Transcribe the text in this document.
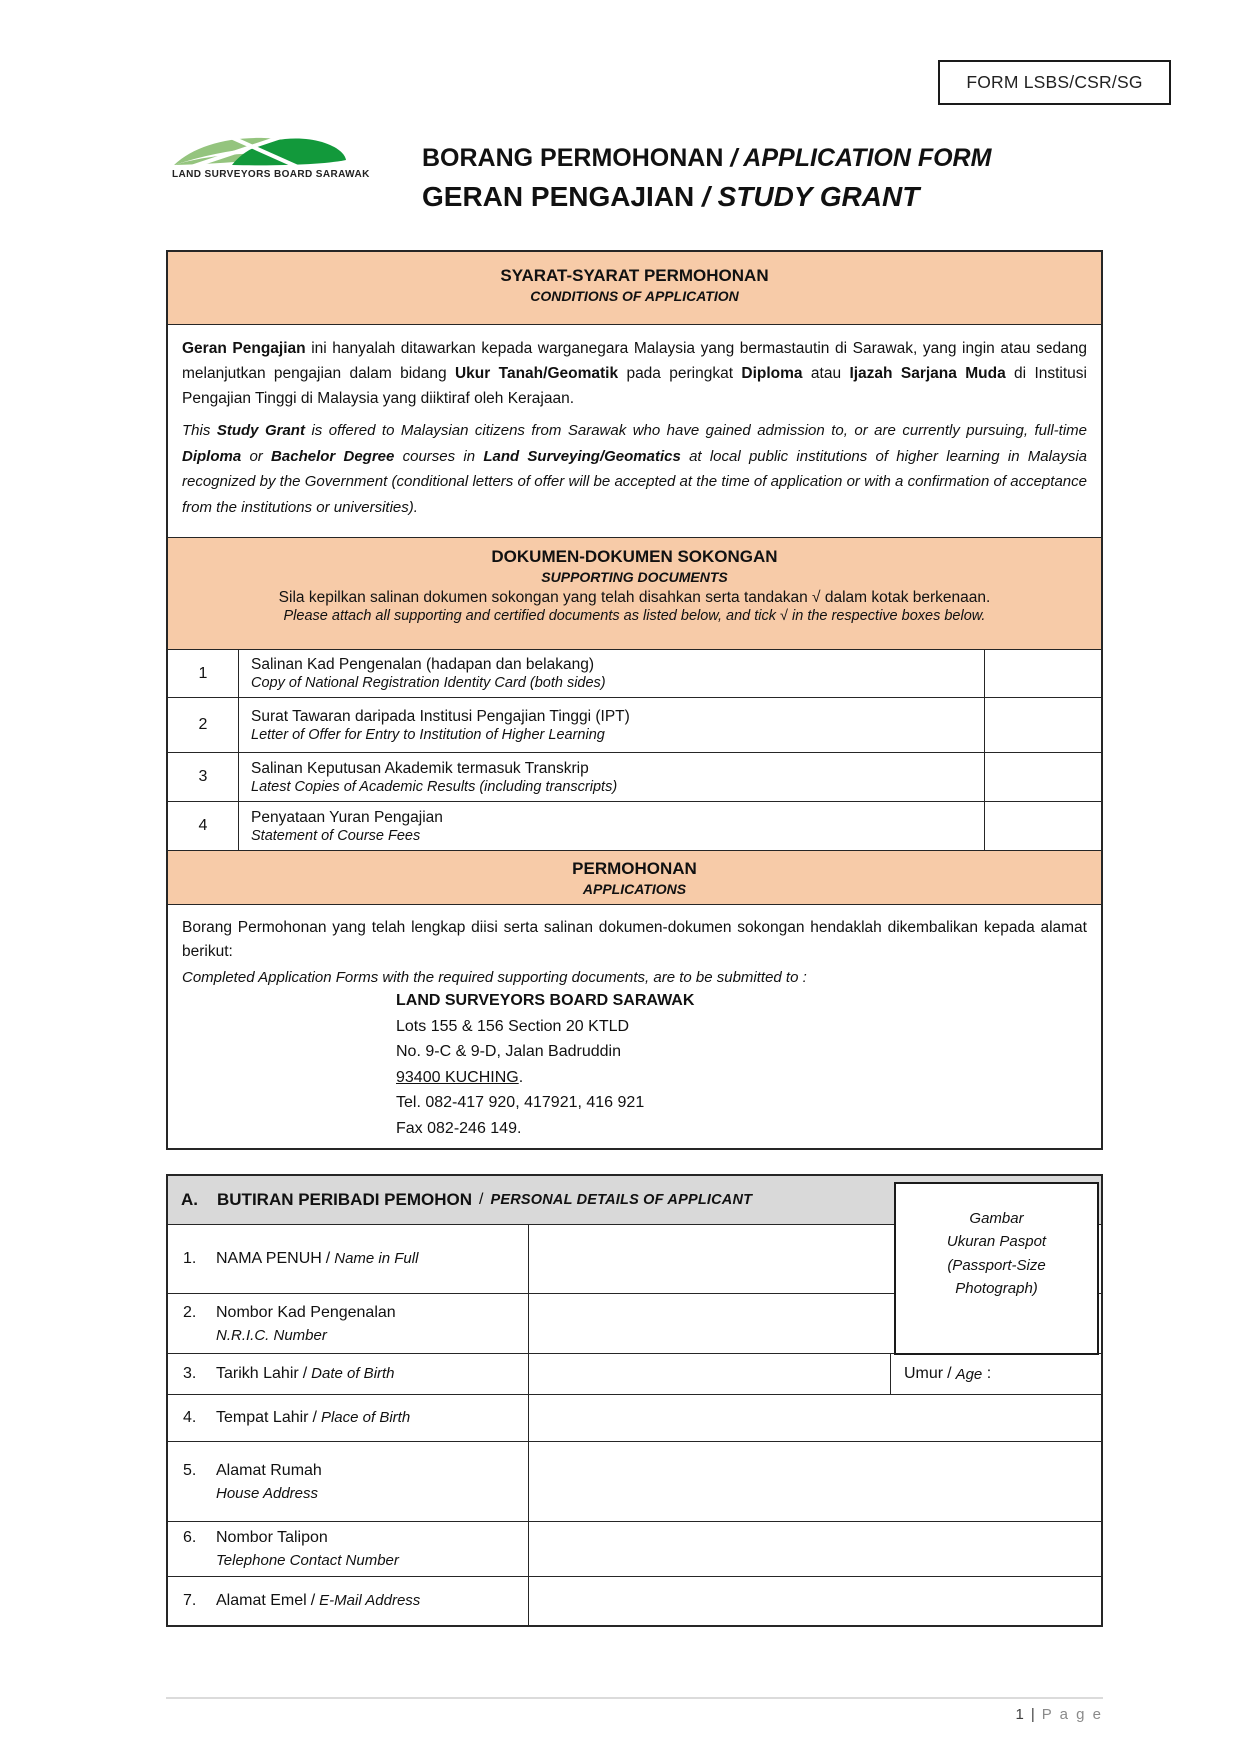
FORM LSBS/CSR/SG
LAND SURVEYORS BOARD SARAWAK
BORANG PERMOHONAN / APPLICATION FORM
GERAN PENGAJIAN / STUDY GRANT
SYARAT-SYARAT PERMOHONAN
CONDITIONS OF APPLICATION

Geran Pengajian ini hanyalah ditawarkan kepada warganegara Malaysia yang bermastautin di Sarawak, yang ingin atau sedang melanjutkan pengajian dalam bidang Ukur Tanah/Geomatik pada peringkat Diploma atau Ijazah Sarjana Muda di Institusi Pengajian Tinggi di Malaysia yang diiktiraf oleh Kerajaan.

This Study Grant is offered to Malaysian citizens from Sarawak who have gained admission to, or are currently pursuing, full-time Diploma or Bachelor Degree courses in Land Surveying/Geomatics at local public institutions of higher learning in Malaysia recognized by the Government (conditional letters of offer will be accepted at the time of application or with a confirmation of acceptance from the institutions or universities).

DOKUMEN-DOKUMEN SOKONGAN
SUPPORTING DOCUMENTS
Sila kepilkan salinan dokumen sokongan yang telah disahkan serta tandakan √ dalam kotak berkenaan.
Please attach all supporting and certified documents as listed below, and tick √ in the respective boxes below.
1	Salinan Kad Pengenalan (hadapan dan belakang)
Copy of National Registration Identity Card (both sides)
2	Surat Tawaran daripada Institusi Pengajian Tinggi (IPT)
Letter of Offer for Entry to Institution of Higher Learning
3	Salinan Keputusan Akademik termasuk Transkrip
Latest Copies of Academic Results (including transcripts)
4	Penyataan Yuran Pengajian
Statement of Course Fees
PERMOHONAN
APPLICATIONS

Borang Permohonan yang telah lengkap diisi serta salinan dokumen-dokumen sokongan hendaklah dikembalikan kepada alamat berikut:

Completed Application Forms with the required supporting documents, are to be submitted to :

LAND SURVEYORS BOARD SARAWAK
Lots 155 & 156 Section 20 KTLD
No. 9-C & 9-D, Jalan Badruddin
93400 KUCHING.
Tel. 082-417 920, 417921, 416 921
Fax 082-246 149.
A.	BUTIRAN PERIBADI PEMOHON / PERSONAL DETAILS OF APPLICANT
1.	NAMA PENUH / Name in Full
2.	Nombor Kad Pengenalan
N.R.I.C. Number
3.	Tarikh Lahir / Date of Birth	Umur / Age
:
4.	Tempat Lahir / Place of Birth
5.	Alamat Rumah
House Address
6.	Nombor Talipon
Telephone Contact Number
7.	Alamat Emel / E-Mail Address
Gambar
Ukuran Paspot
(Passport-Size
Photograph)
1 | P a g e
